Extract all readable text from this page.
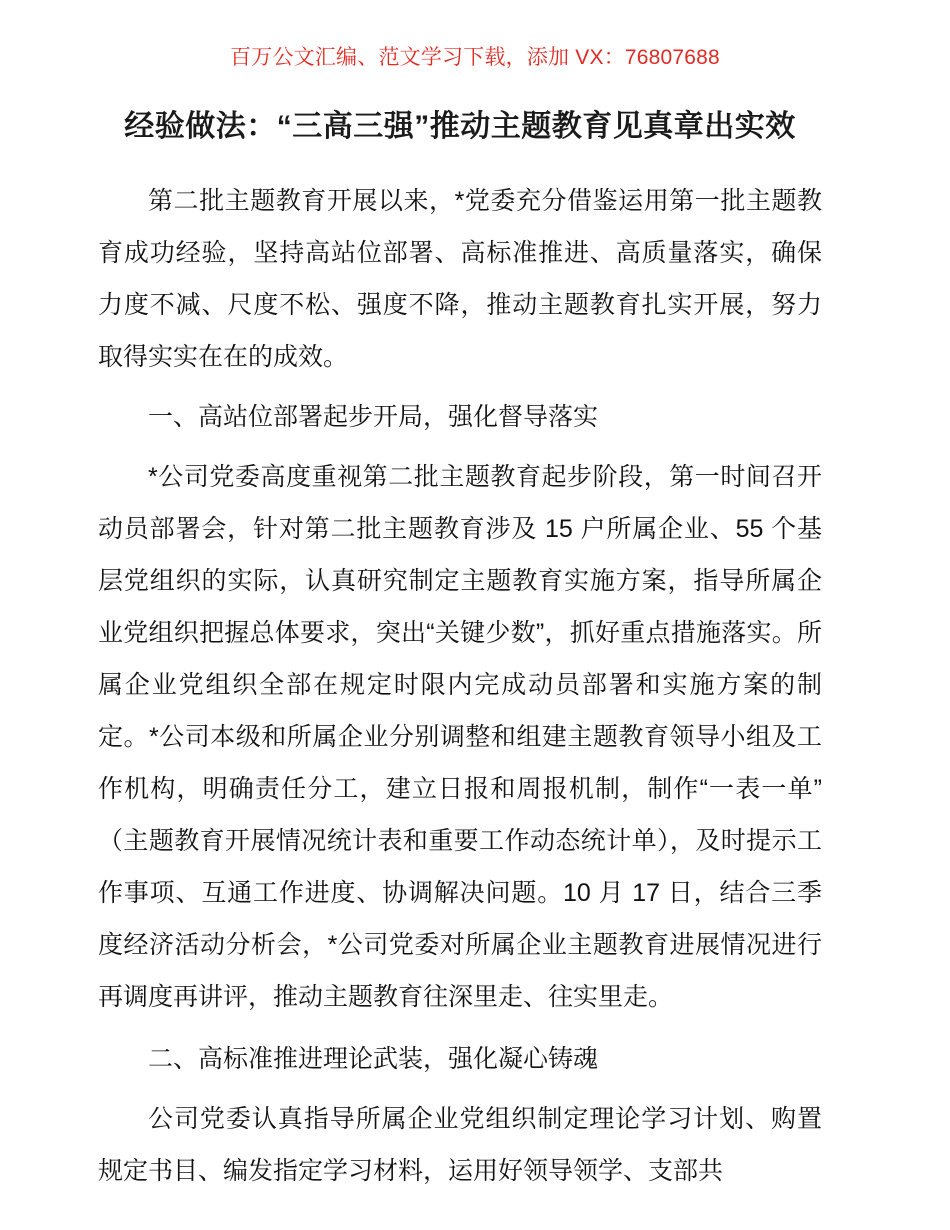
百万公文汇编、范文学习下载，添加 VX：76807688
经验做法：“三高三强”推动主题教育见真章出实效

第二批主题教育开展以来，*党委充分借鉴运用第一批主题教育成功经验，坚持高站位部署、高标准推进、高质量落实，确保力度不减、尺度不松、强度不降，推动主题教育扎实开展，努力取得实实在在的成效。

一、高站位部署起步开局，强化督导落实

*公司党委高度重视第二批主题教育起步阶段，第一时间召开动员部署会，针对第二批主题教育涉及 15 户所属企业、55 个基层党组织的实际，认真研究制定主题教育实施方案，指导所属企业党组织把握总体要求，突出“关键少数”，抓好重点措施落实。所属企业党组织全部在规定时限内完成动员部署和实施方案的制定。*公司本级和所属企业分别调整和组建主题教育领导小组及工作机构，明确责任分工，建立日报和周报机制，制作“一表一单”（主题教育开展情况统计表和重要工作动态统计单），及时提示工作事项、互通工作进度、协调解决问题。10 月 17 日，结合三季度经济活动分析会，*公司党委对所属企业主题教育进展情况进行再调度再讲评，推动主题教育往深里走、往实里走。

二、高标准推进理论武装，强化凝心铸魂

公司党委认真指导所属企业党组织制定理论学习计划、购置规定书目、编发指定学习材料，运用好领导领学、支部共
